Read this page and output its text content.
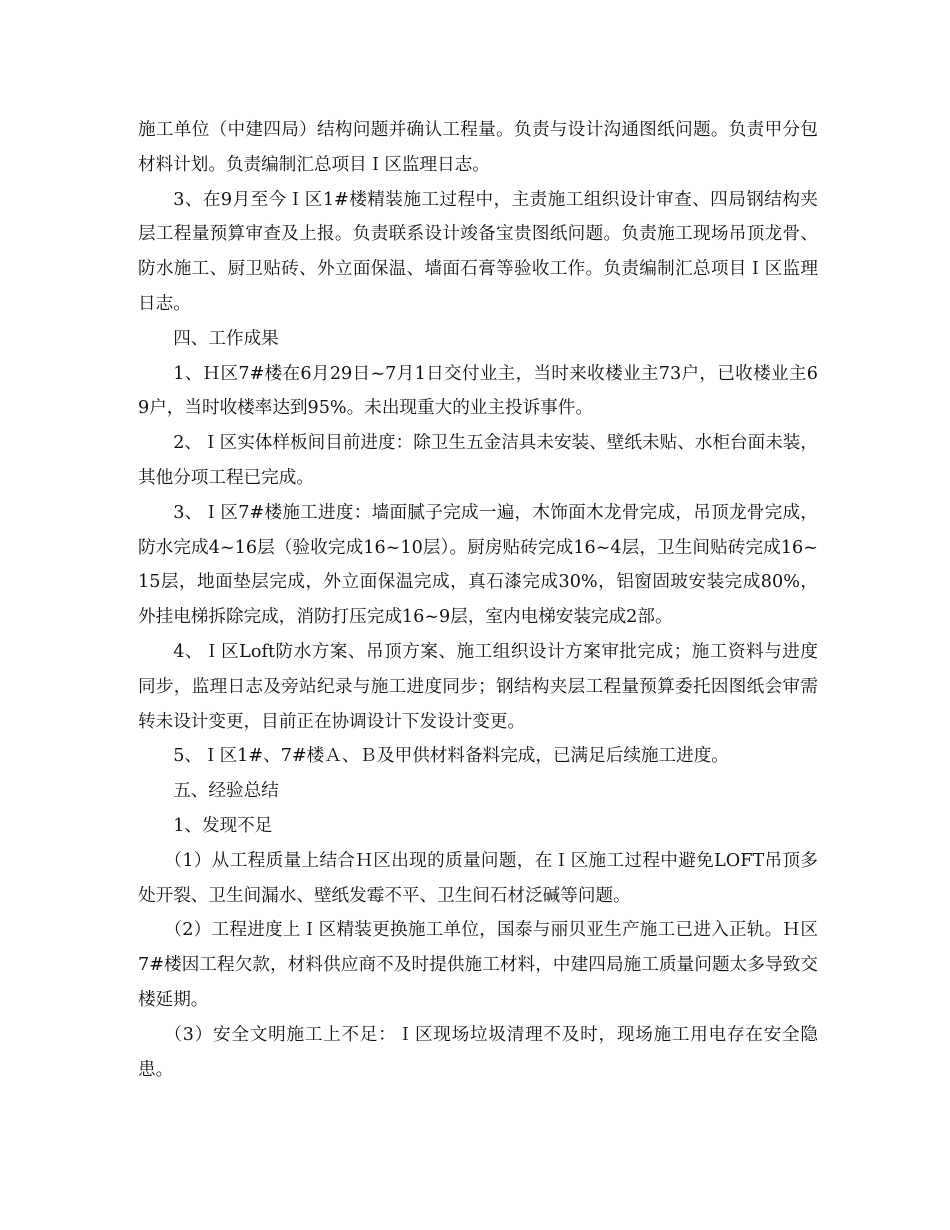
施工单位（中建四局）结构问题并确认工程量。负责与设计沟通图纸问题。负责甲分包材料计划。负责编制汇总项目Ｉ区监理日志。

3、在9月至今Ｉ区1#楼精装施工过程中，主责施工组织设计审查、四局钢结构夹层工程量预算审查及上报。负责联系设计竣备宝贵图纸问题。负责施工现场吊顶龙骨、防水施工、厨卫贴砖、外立面保温、墙面石膏等验收工作。负责编制汇总项目Ｉ区监理日志。

四、工作成果

1、Ｈ区7#楼在6月29日~7月1日交付业主，当时来收楼业主73户，已收楼业主69户，当时收楼率达到95%。未出现重大的业主投诉事件。

2、Ｉ区实体样板间目前进度：除卫生五金洁具未安装、壁纸未贴、水柜台面未装，其他分项工程已完成。

3、Ｉ区7#楼施工进度：墙面腻子完成一遍，木饰面木龙骨完成，吊顶龙骨完成，防水完成4~16层（验收完成16~10层）。厨房贴砖完成16~4层，卫生间贴砖完成16~15层，地面垫层完成，外立面保温完成，真石漆完成30%，铝窗固玻安装完成80%，外挂电梯拆除完成，消防打压完成16~9层，室内电梯安装完成2部。

4、Ｉ区Loft防水方案、吊顶方案、施工组织设计方案审批完成；施工资料与进度同步，监理日志及旁站纪录与施工进度同步；钢结构夹层工程量预算委托因图纸会审需转未设计变更，目前正在协调设计下发设计变更。

5、Ｉ区1#、7#楼Ａ、Ｂ及甲供材料备料完成，已满足后续施工进度。

五、经验总结

1、发现不足

（1）从工程质量上结合Ｈ区出现的质量问题，在Ｉ区施工过程中避免LOFT吊顶多处开裂、卫生间漏水、壁纸发霉不平、卫生间石材泛碱等问题。

（2）工程进度上Ｉ区精装更换施工单位，国泰与丽贝亚生产施工已进入正轨。Ｈ区7#楼因工程欠款，材料供应商不及时提供施工材料，中建四局施工质量问题太多导致交楼延期。

（3）安全文明施工上不足：Ｉ区现场垃圾清理不及时，现场施工用电存在安全隐患。
